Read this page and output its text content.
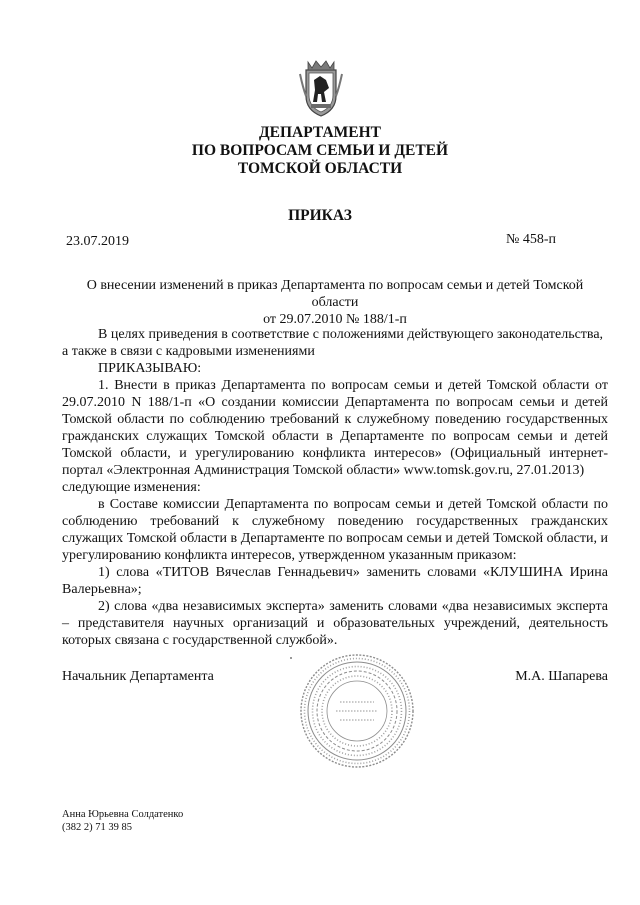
ДЕПАРТАМЕНТ
ПО ВОПРОСАМ СЕМЬИ И ДЕТЕЙ
ТОМСКОЙ ОБЛАСТИ
ПРИКАЗ
23.07.2019	№ 458-п
О внесении изменений в приказ Департамента по вопросам семьи и детей Томской области
от 29.07.2010 № 188/1-п

В целях приведения в соответствие с положениями действующего законодательства,

а также в связи с кадровыми изменениями

ПРИКАЗЫВАЮ:

1. Внести в приказ Департамента по вопросам семьи и детей Томской области от 29.07.2010 N 188/1-п «О создании комиссии Департамента по вопросам семьи и детей Томской области по соблюдению требований к служебному поведению государственных гражданских служащих Томской области в Департаменте по вопросам семьи и детей Томской области, и урегулированию конфликта интересов» (Официальный интернет-портал «Электронная Администрация Томской области» www.tomsk.gov.ru, 27.01.2013)

следующие изменения:

в Составе комиссии Департамента по вопросам семьи и детей Томской области по соблюдению требований к служебному поведению государственных гражданских служащих Томской области в Департаменте по вопросам семьи и детей Томской области, и урегулированию конфликта интересов, утвержденном указанным приказом:

1) слова «ТИТОВ Вячеслав Геннадьевич» заменить словами «КЛУШИНА Ирина Валерьевна»;

2) слова «два независимых эксперта» заменить словами «два независимых эксперта – представителя научных организаций и образовательных учреждений, деятельность которых связана с государственной службой».

Начальник Департамента	М.А. Шапарева
Анна Юрьевна Солдатенко
(382 2) 71 39 85
